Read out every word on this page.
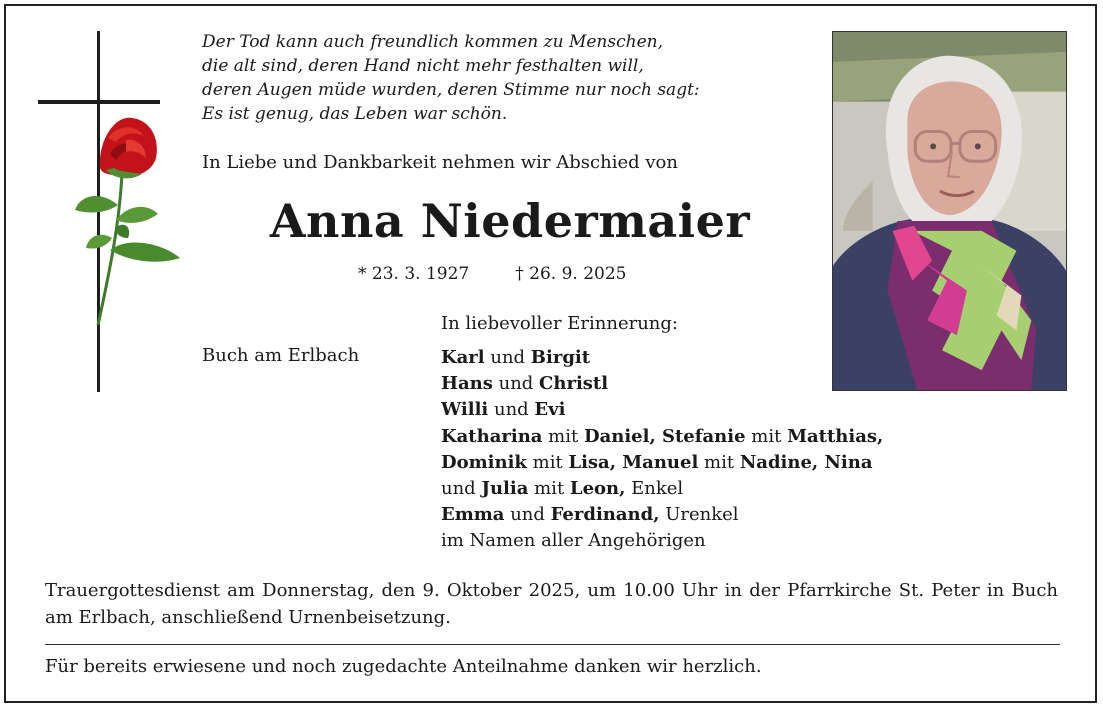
Der Tod kann auch freundlich kommen zu Menschen,
die alt sind, deren Hand nicht mehr festhalten will,
deren Augen müde wurden, deren Stimme nur noch sagt:
Es ist genug, das Leben war schön.
In Liebe und Dankbarkeit nehmen wir Abschied von
Anna Niedermaier
* 23. 3. 1927	† 26. 9. 2025
In liebevoller Erinnerung:
Buch am Erlbach	Karl und Birgit
Hans und Christl
Willi und Evi
Katharina mit Daniel, Stefanie mit Matthias,
Dominik mit Lisa, Manuel mit Nadine, Nina
und Julia mit Leon, Enkel
Emma und Ferdinand, Urenkel
im Namen aller Angehörigen
Trauergottesdienst am Donnerstag, den 9. Oktober 2025, um 10.00 Uhr in der Pfarrkirche St. Peter in Buch am Erlbach, anschließend Urnenbeisetzung.
Für bereits erwiesene und noch zugedachte Anteilnahme danken wir herzlich.
